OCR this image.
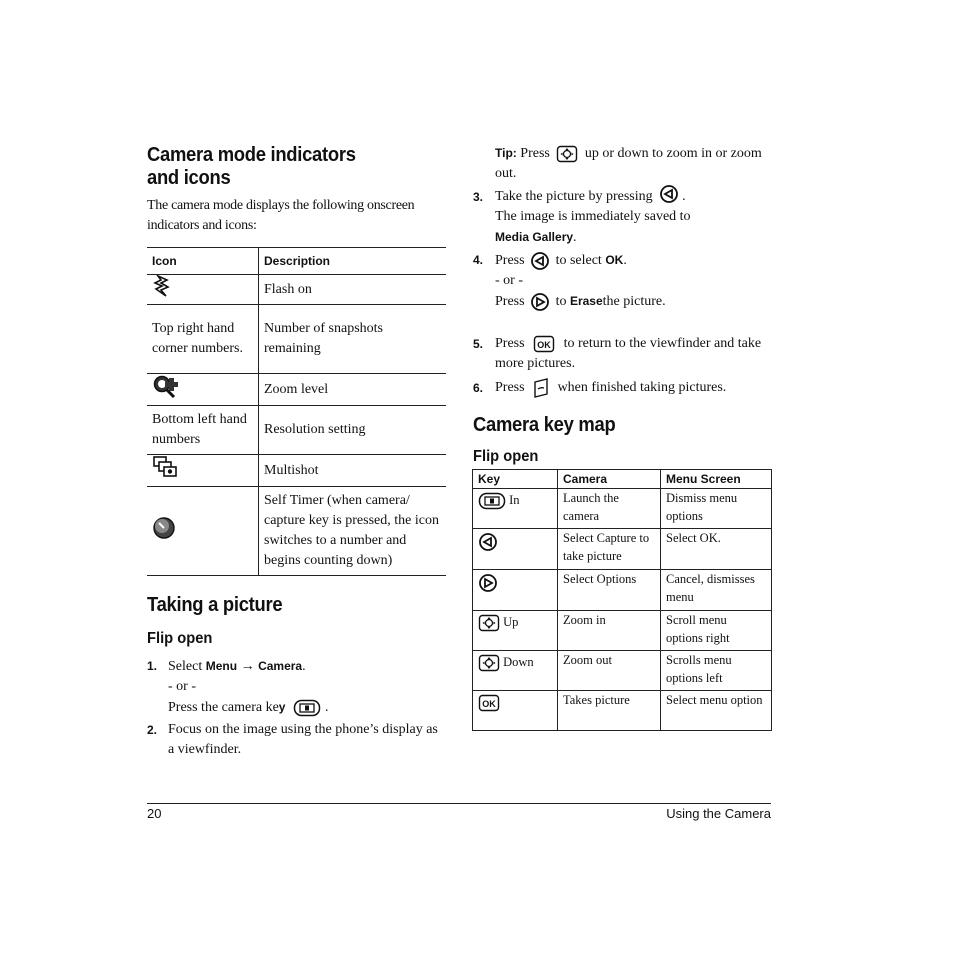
Camera mode indicators
and icons

The camera mode displays the following onscreen indicators and icons:

Icon	Description
	Flash on
Top right hand corner numbers.	Number of snapshots remaining
	Zoom level
Bottom left hand numbers	Resolution setting
	Multishot
	Self Timer (when camera/ capture key is pressed, the icon switches to a number and begins counting down)
Taking a picture
Flip open
1. Select Menu → Camera.

- or -

Press the camera key	.

2. Focus on the image using the phone’s display as a viewfinder.

Tip: Press	up or down to zoom in or zoom out.

3. Take the picture by pressing .

The image is immediately saved to

Media Gallery.

4. Press to select OK.

- or -

Press to Erasethe picture.

5. Press OK to return to the viewfinder and take more pictures.

6. Press when finished taking pictures.

Camera key map
Flip open
Key	Camera	Menu Screen
In	Launch the camera	Dismiss menu options
	Select Capture to take picture	Select OK.
	Select Options	Cancel, dismisses menu
Up	Zoom in	Scroll menu options right
Down	Zoom out	Scrolls menu options left

OK	Takes picture	Select menu option
20	Using the Camera
